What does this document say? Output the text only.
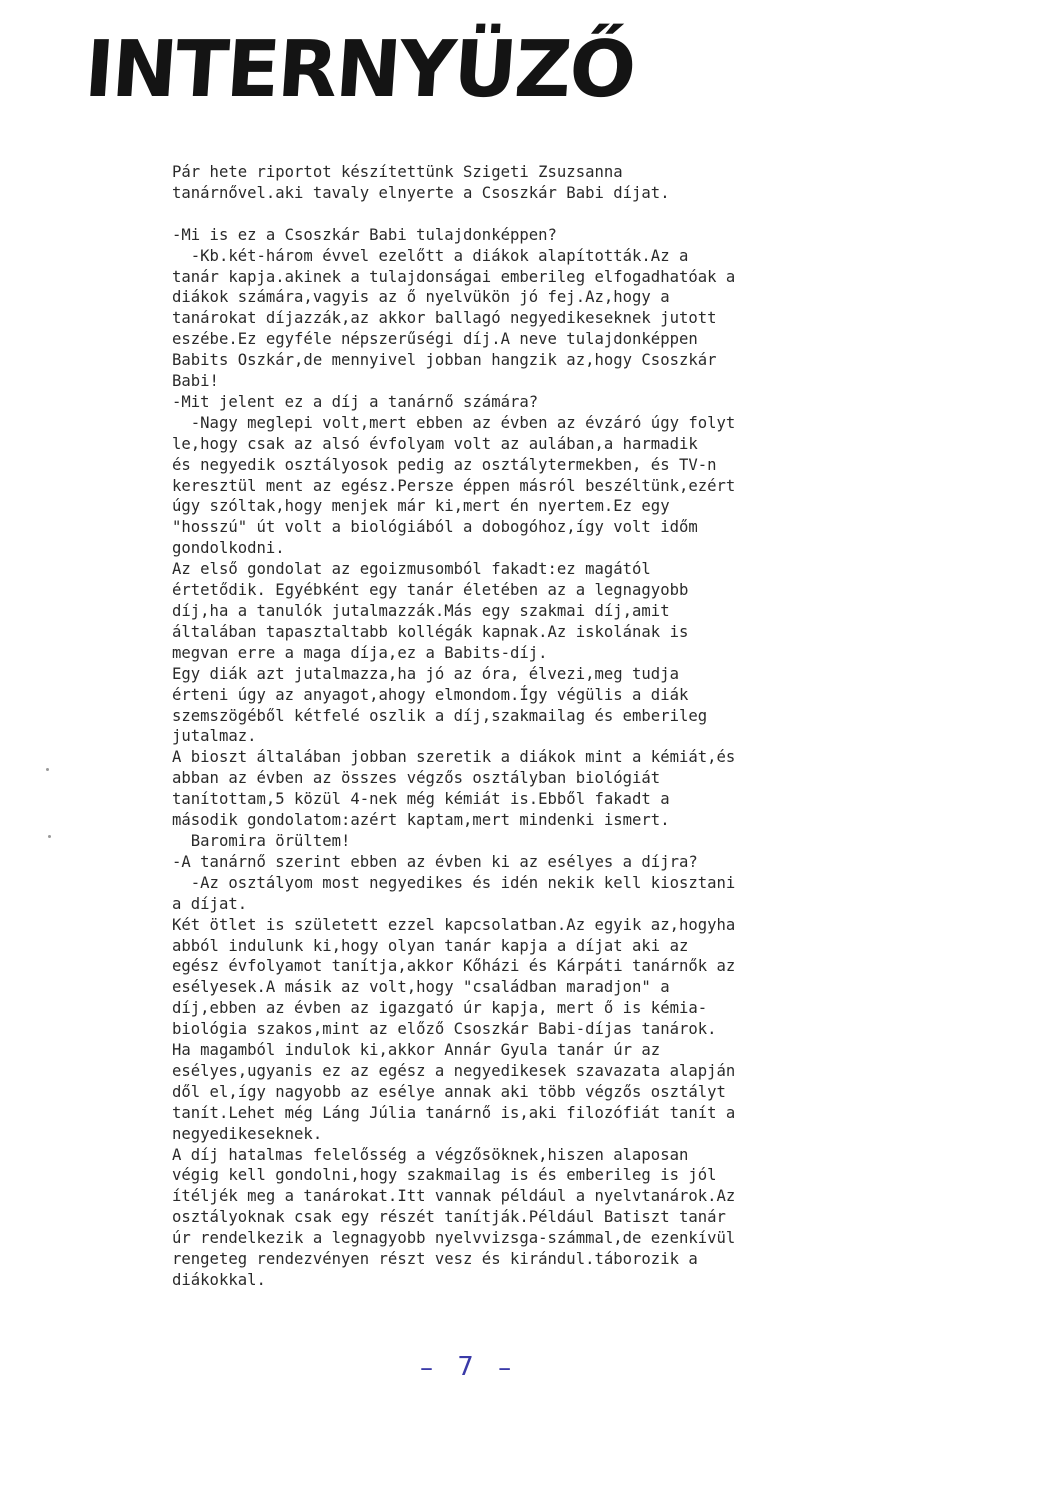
INTERNYÜZŐ
Pár hete riportot készítettünk Szigeti Zsuzsanna
tanárnővel.aki tavaly elnyerte a Csoszkár Babi díjat.
-Mi is ez a Csoszkár Babi tulajdonképpen?
-Kb.két-három évvel ezelőtt a diákok alapították.Az a
tanár kapja.akinek a tulajdonságai emberileg elfogadhatóak a
diákok számára,vagyis az ő nyelvükön jó fej.Az,hogy a
tanárokat díjazzák,az akkor ballagó negyedikeseknek jutott
eszébe.Ez egyféle népszerűségi díj.A neve tulajdonképpen
Babits Oszkár,de mennyivel jobban hangzik az,hogy Csoszkár
Babi!
-Mit jelent ez a díj a tanárnő számára?
-Nagy meglepi volt,mert ebben az évben az évzáró úgy folyt
le,hogy csak az alsó évfolyam volt az aulában,a harmadik
és negyedik osztályosok pedig az osztálytermekben, és TV-n
keresztül ment az egész.Persze éppen másról beszéltünk,ezért
úgy szóltak,hogy menjek már ki,mert én nyertem.Ez egy
"hosszú" út volt a biológiából a dobogóhoz,így volt időm
gondolkodni.
Az első gondolat az egoizmusomból fakadt:ez magától
értetődik. Egyébként egy tanár életében az a legnagyobb
díj,ha a tanulók jutalmazzák.Más egy szakmai díj,amit
általában tapasztaltabb kollégák kapnak.Az iskolának is
megvan erre a maga díja,ez a Babits-díj.
Egy diák azt jutalmazza,ha jó az óra, élvezi,meg tudja
érteni úgy az anyagot,ahogy elmondom.Így végülis a diák
szemszögéből kétfelé oszlik a díj,szakmailag és emberileg
jutalmaz.
A bioszt általában jobban szeretik a diákok mint a kémiát,és
abban az évben az összes végzős osztályban biológiát
tanítottam,5 közül 4-nek még kémiát is.Ebből fakadt a
második gondolatom:azért kaptam,mert mindenki ismert.
Baromira örültem!
-A tanárnő szerint ebben az évben ki az esélyes a díjra?
-Az osztályom most negyedikes és idén nekik kell kiosztani
a díjat.
Két ötlet is született ezzel kapcsolatban.Az egyik az,hogyha
abból indulunk ki,hogy olyan tanár kapja a díjat aki az
egész évfolyamot tanítja,akkor Kőházi és Kárpáti tanárnők az
esélyesek.A másik az volt,hogy "családban maradjon" a
díj,ebben az évben az igazgató úr kapja, mert ő is kémia-
biológia szakos,mint az előző Csoszkár Babi-díjas tanárok.
Ha magamból indulok ki,akkor Annár Gyula tanár úr az
esélyes,ugyanis ez az egész a negyedikesek szavazata alapján
dől el,így nagyobb az esélye annak aki több végzős osztályt
tanít.Lehet még Láng Júlia tanárnő is,aki filozófiát tanít a
negyedikeseknek.
A díj hatalmas felelősség a végzősöknek,hiszen alaposan
végig kell gondolni,hogy szakmailag is és emberileg is jól
ítéljék meg a tanárokat.Itt vannak például a nyelvtanárok.Az
osztályoknak csak egy részét tanítják.Például Batiszt tanár
úr rendelkezik a legnagyobb nyelvvizsga-számmal,de ezenkívül
rengeteg rendezvényen részt vesz és kirándul.táborozik a
diákokkal.
– 7 –
